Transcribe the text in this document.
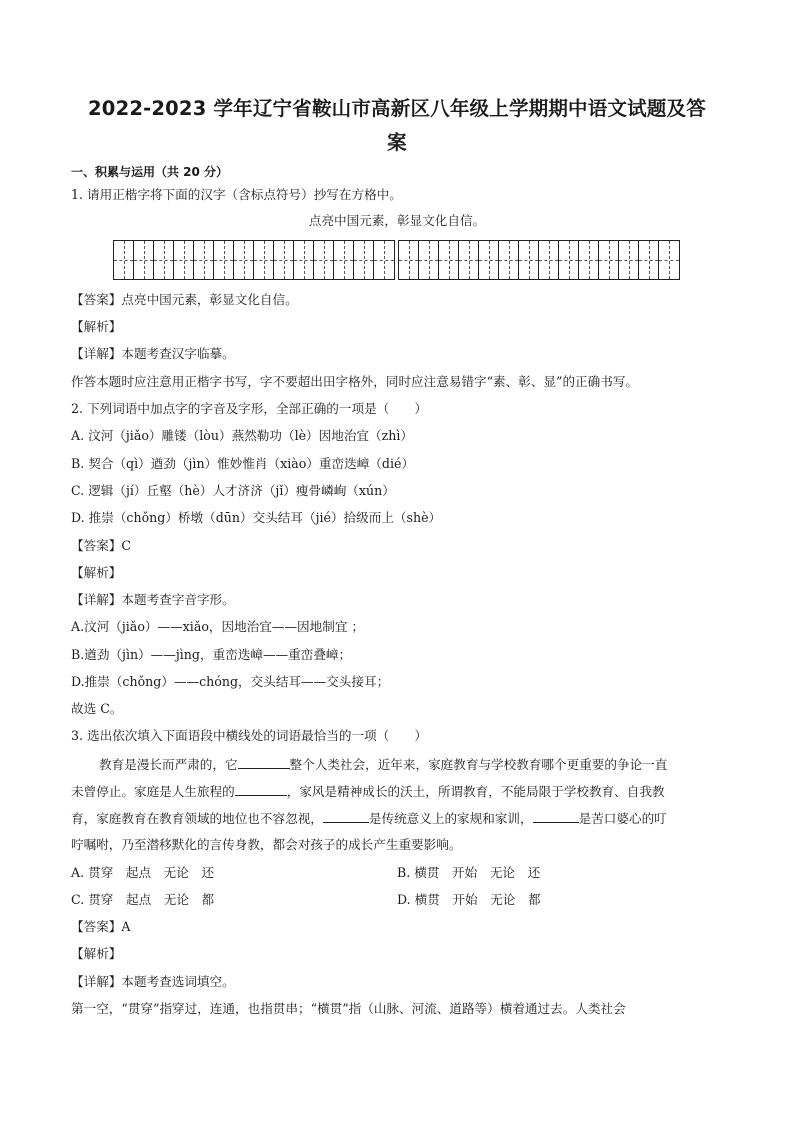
2022-2023 学年辽宁省鞍山市高新区八年级上学期期中语文试题及答
案
一、积累与运用（共 20 分）
1. 请用正楷字将下面的汉字（含标点符号）抄写在方格中。
点亮中国元素，彰显文化自信。
【答案】点亮中国元素，彰显文化自信。
【解析】
【详解】本题考查汉字临摹。
作答本题时应注意用正楷字书写，字不要超出田字格外，同时应注意易错字“素、彰、显”的正确书写。
2. 下列词语中加点字的字音及字形，全部正确的一项是（　　）
A. 汶河（jiǎo）雕镂（lòu）燕然勒功（lè）因地治宜（zhì）
B. 契合（qì）遒劲（jìn）惟妙惟肖（xiào）重峦迭嶂（dié）
C. 逻辑（jí）丘壑（hè）人才济济（jǐ）瘦骨嶙峋（xún）
D. 推崇（chǒng）桥墩（dūn）交头结耳（jié）拾级而上（shè）
【答案】C
【解析】
【详解】本题考查字音字形。
A.汶河（jiǎo）——xiǎo，因地治宜——因地制宜 ；
B.遒劲（jìn）——jìng，重峦迭嶂——重峦叠嶂；
D.推崇（chǒng）——chóng，交头结耳——交头接耳；
故选 C。
3. 选出依次填入下面语段中横线处的词语最恰当的一项（　　）
教育是漫长而严肃的，它	整个人类社会，近年来，家庭教育与学校教育哪个更重要的争论一直
未曾停止。家庭是人生旅程的	，家风是精神成长的沃土，所谓教育，不能局限于学校教育、自我教
育，家庭教育在教育领域的地位也不容忽视，	是传统意义上的家规和家训，	是苦口婆心的叮
咛嘱咐，乃至潜移默化的言传身教，都会对孩子的成长产生重要影响。
A. 贯穿　起点　无论　还	B. 横贯　开始　无论　还
C. 贯穿　起点　无论　都	D. 横贯　开始　无论　都
【答案】A
【解析】
【详解】本题考查选词填空。
第一空，“贯穿”指穿过，连通，也指贯串；“横贯”指（山脉、河流、道路等）横着通过去。人类社会
